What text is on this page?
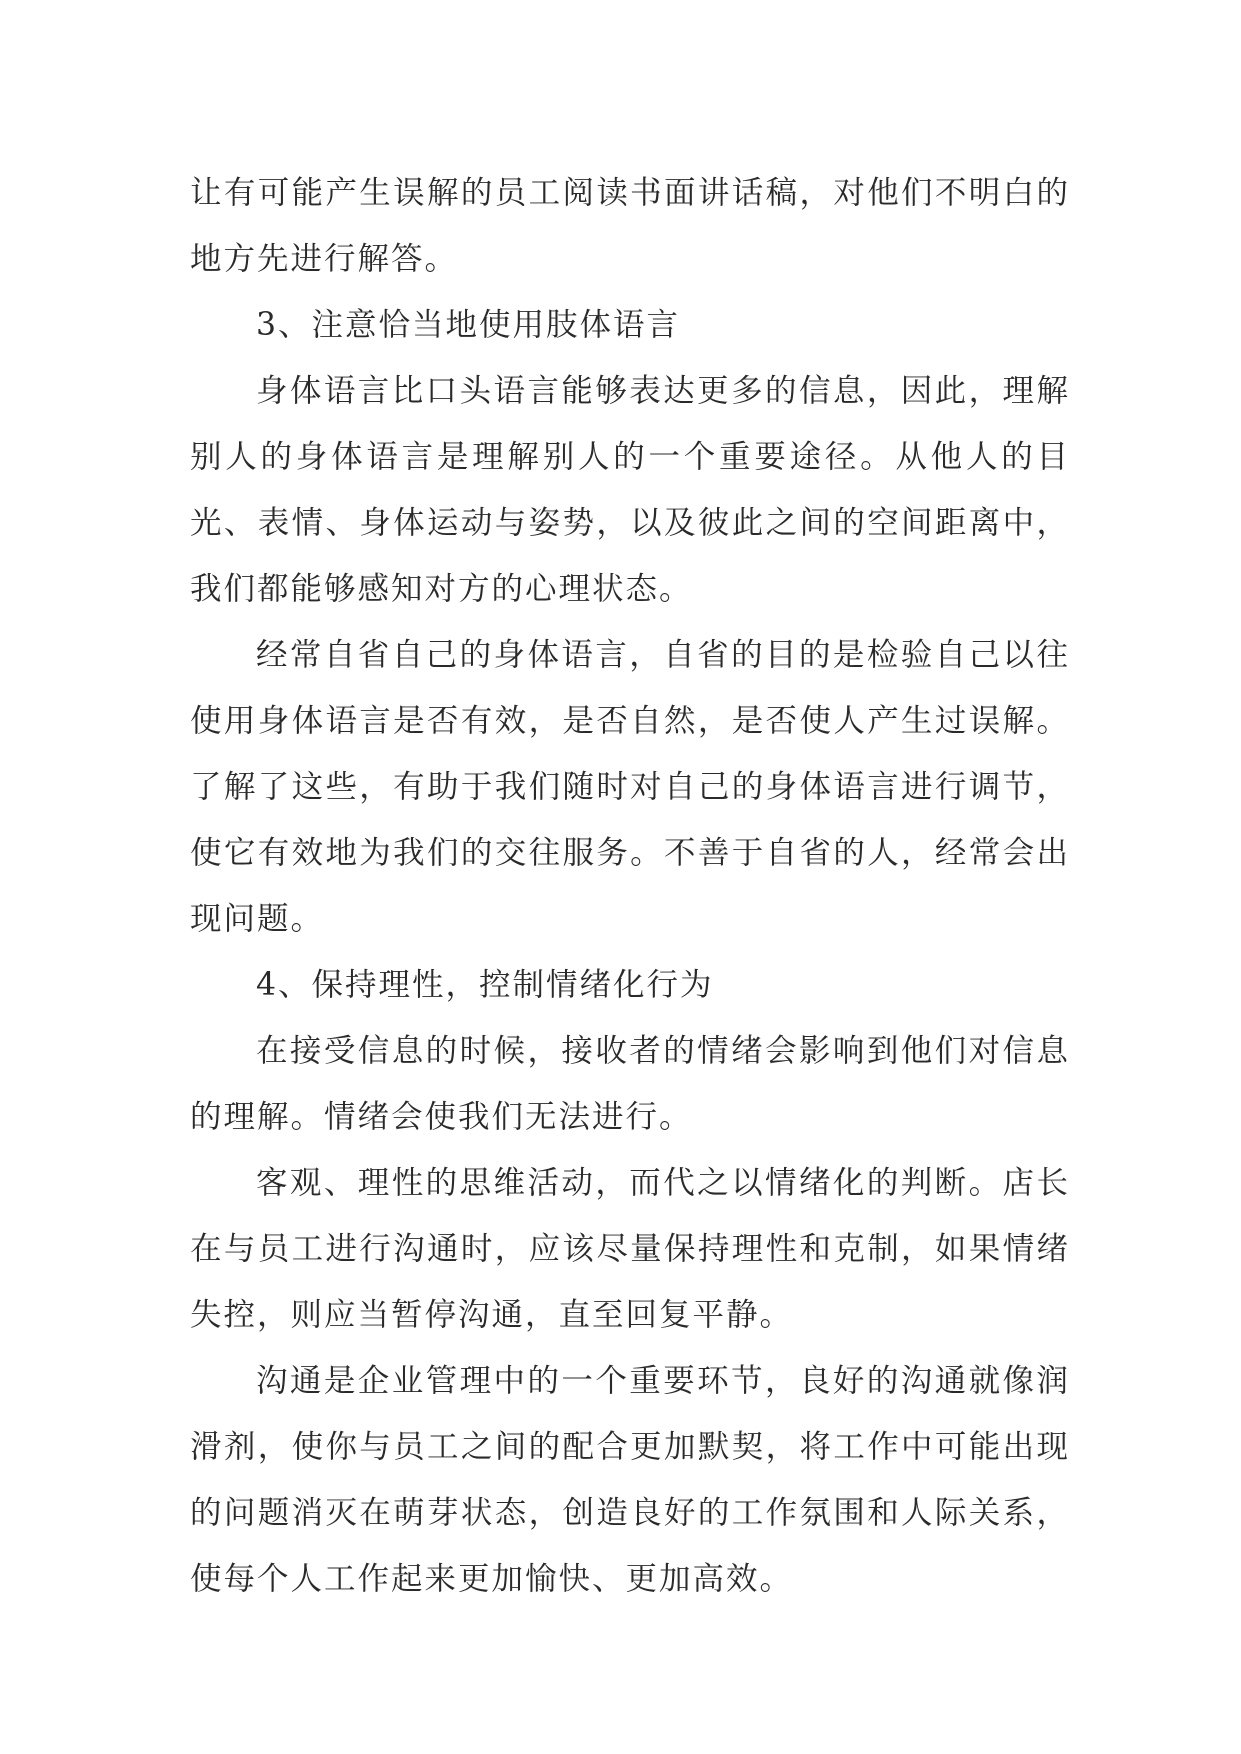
让有可能产生误解的员工阅读书面讲话稿，对他们不明白的地方先进行解答。

3、注意恰当地使用肢体语言

身体语言比口头语言能够表达更多的信息，因此，理解别人的身体语言是理解别人的一个重要途径。从他人的目光、表情、身体运动与姿势，以及彼此之间的空间距离中，我们都能够感知对方的心理状态。

经常自省自己的身体语言，自省的目的是检验自己以往使用身体语言是否有效，是否自然，是否使人产生过误解。了解了这些，有助于我们随时对自己的身体语言进行调节，使它有效地为我们的交往服务。不善于自省的人，经常会出现问题。

4、保持理性，控制情绪化行为

在接受信息的时候，接收者的情绪会影响到他们对信息的理解。情绪会使我们无法进行。

客观、理性的思维活动，而代之以情绪化的判断。店长在与员工进行沟通时，应该尽量保持理性和克制，如果情绪失控，则应当暂停沟通，直至回复平静。

沟通是企业管理中的一个重要环节，良好的沟通就像润滑剂，使你与员工之间的配合更加默契，将工作中可能出现的问题消灭在萌芽状态，创造良好的工作氛围和人际关系，使每个人工作起来更加愉快、更加高效。
